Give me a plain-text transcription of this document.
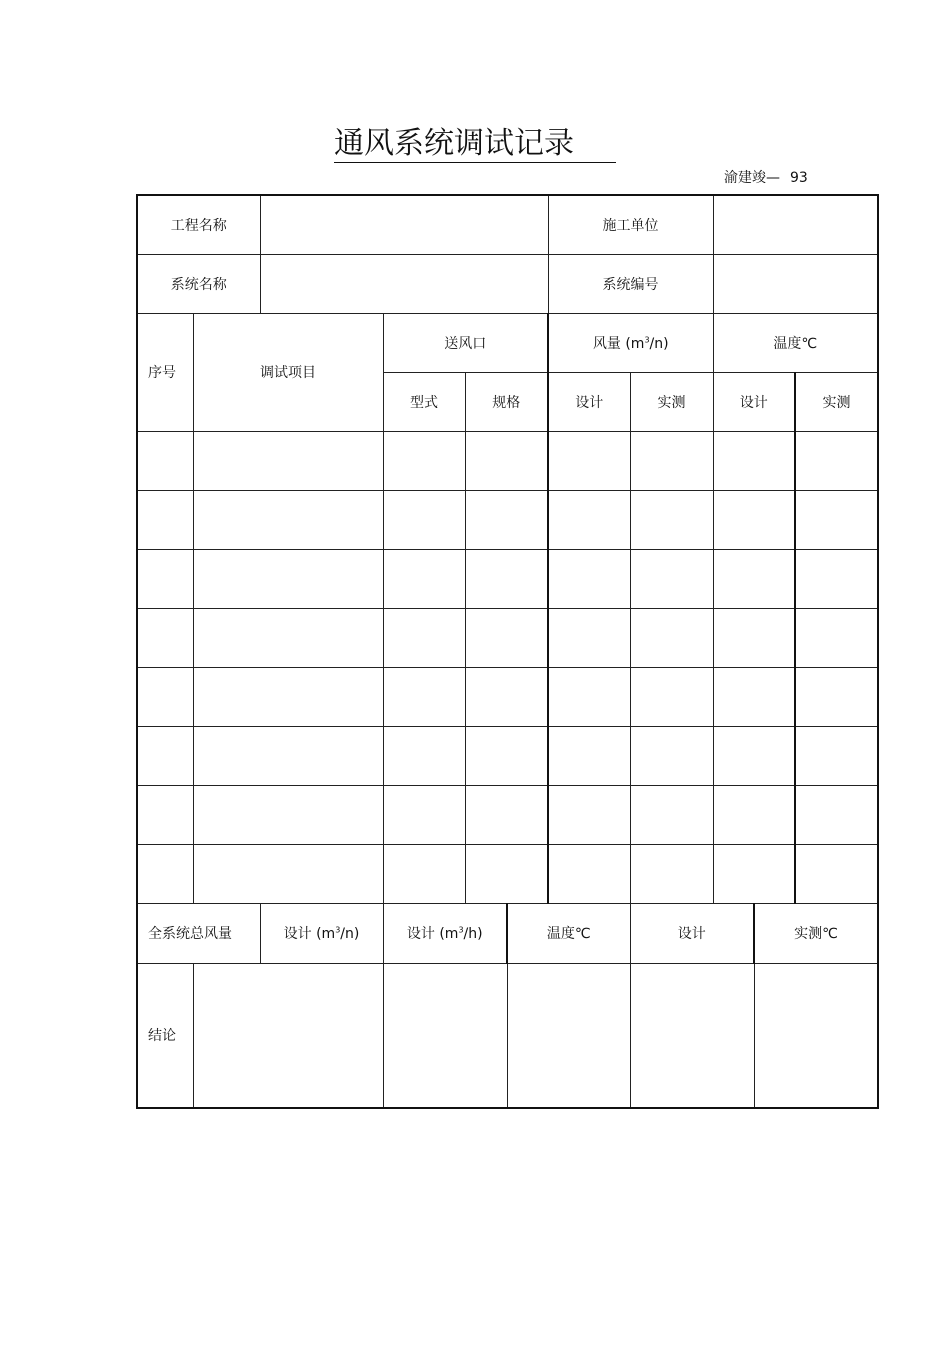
通风系统调试记录
渝建竣— 93
工程名称						施工单位				
系统名称						系统编号				
序号	调试项目		送风口			风量 $(m^3/n)$		温度℃		
			型式	规格		设计	实测	设计		实测

全系统总风量		设计 $(m^3/n)$	设计 $(m^3/h)$		温度℃		设计		实测℃	
结论										
